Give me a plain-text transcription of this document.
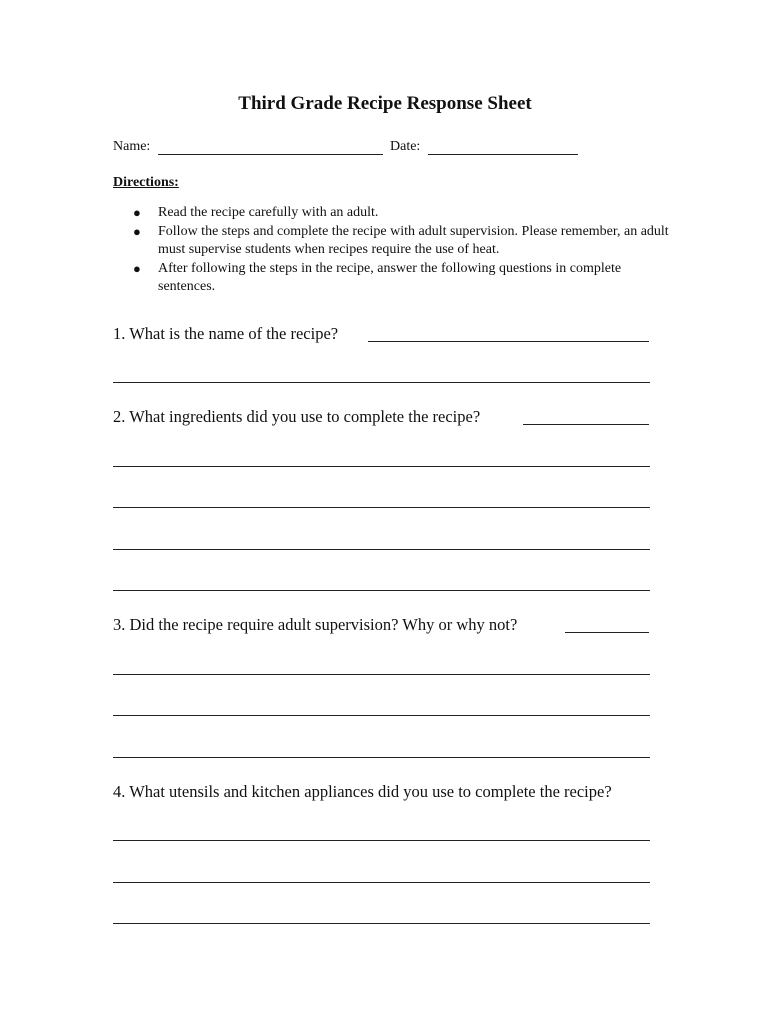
Third Grade Recipe Response Sheet
Name:	Date:
Directions:
● Read the recipe carefully with an adult.
● Follow the steps and complete the recipe with adult supervision. Please remember, an adult must supervise students when recipes require the use of heat.
● After following the steps in the recipe, answer the following questions in complete sentences.
1. What is the name of the recipe?
2. What ingredients did you use to complete the recipe?
3. Did the recipe require adult supervision? Why or why not?
4. What utensils and kitchen appliances did you use to complete the recipe?
